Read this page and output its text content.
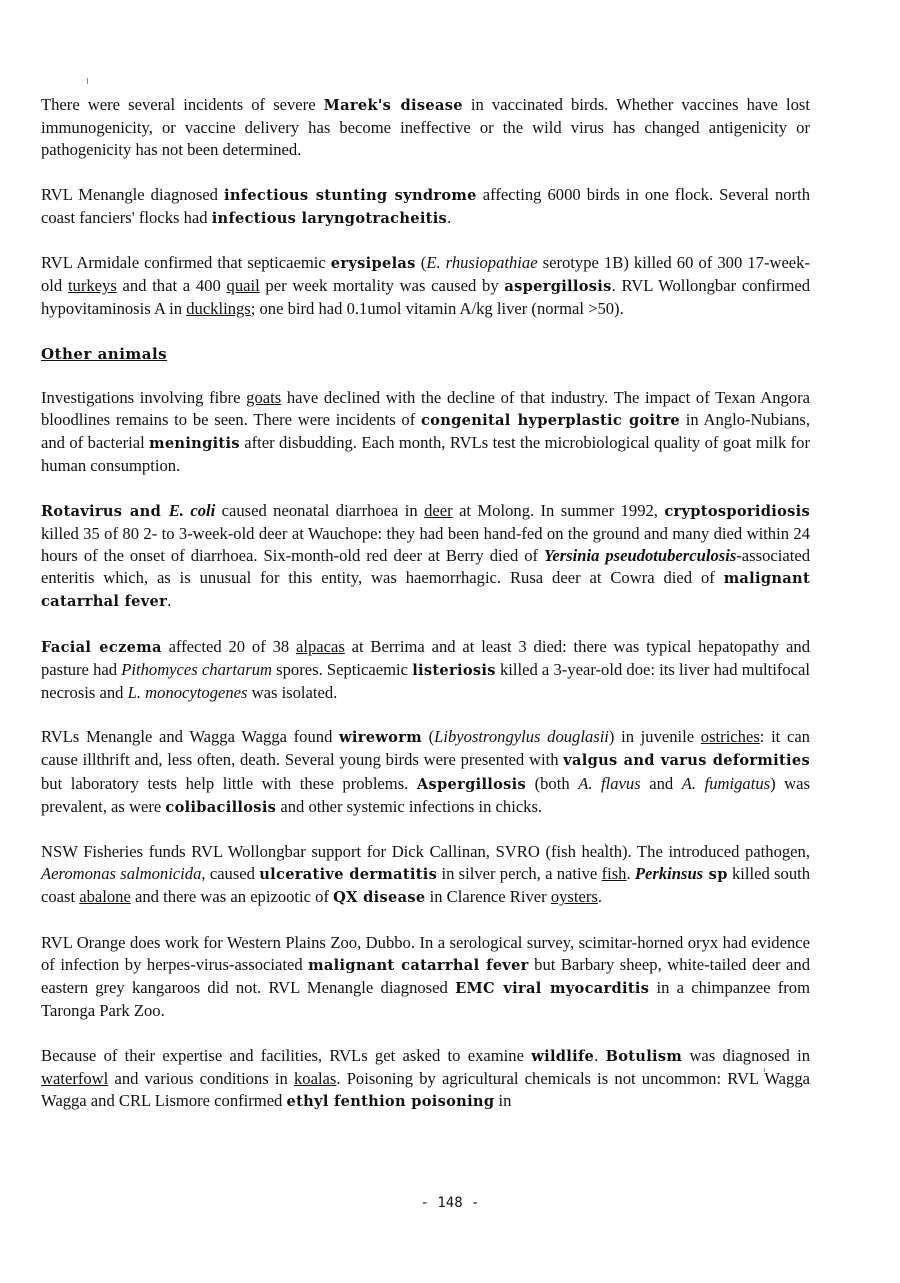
There were several incidents of severe Marek's disease in vaccinated birds. Whether vaccines have lost immunogenicity, or vaccine delivery has become ineffective or the wild virus has changed antigenicity or pathogenicity has not been determined.

RVL Menangle diagnosed infectious stunting syndrome affecting 6000 birds in one flock. Several north coast fanciers' flocks had infectious laryngotracheitis.

RVL Armidale confirmed that septicaemic erysipelas (E. rhusiopathiae serotype 1B) killed 60 of 300 17-week-old turkeys and that a 400 quail per week mortality was caused by aspergillosis. RVL Wollongbar confirmed hypovitaminosis A in ducklings; one bird had 0.1umol vitamin A/kg liver (normal >50).

Other animals

Investigations involving fibre goats have declined with the decline of that industry. The impact of Texan Angora bloodlines remains to be seen. There were incidents of congenital hyperplastic goitre in Anglo-Nubians, and of bacterial meningitis after disbudding. Each month, RVLs test the microbiological quality of goat milk for human consumption.

Rotavirus and E. coli caused neonatal diarrhoea in deer at Molong. In summer 1992, cryptosporidiosis killed 35 of 80 2- to 3-week-old deer at Wauchope: they had been hand-fed on the ground and many died within 24 hours of the onset of diarrhoea. Six-month-old red deer at Berry died of Yersinia pseudotuberculosis-associated enteritis which, as is unusual for this entity, was haemorrhagic. Rusa deer at Cowra died of malignant catarrhal fever.

Facial eczema affected 20 of 38 alpacas at Berrima and at least 3 died: there was typical hepatopathy and pasture had Pithomyces chartarum spores. Septicaemic listeriosis killed a 3-year-old doe: its liver had multifocal necrosis and L. monocytogenes was isolated.

RVLs Menangle and Wagga Wagga found wireworm (Libyostrongylus douglasii) in juvenile ostriches: it can cause illthrift and, less often, death. Several young birds were presented with valgus and varus deformities but laboratory tests help little with these problems. Aspergillosis (both A. flavus and A. fumigatus) was prevalent, as were colibacillosis and other systemic infections in chicks.

NSW Fisheries funds RVL Wollongbar support for Dick Callinan, SVRO (fish health). The introduced pathogen, Aeromonas salmonicida, caused ulcerative dermatitis in silver perch, a native fish. Perkinsus sp killed south coast abalone and there was an epizootic of QX disease in Clarence River oysters.

RVL Orange does work for Western Plains Zoo, Dubbo. In a serological survey, scimitar-horned oryx had evidence of infection by herpes-virus-associated malignant catarrhal fever but Barbary sheep, white-tailed deer and eastern grey kangaroos did not. RVL Menangle diagnosed EMC viral myocarditis in a chimpanzee from Taronga Park Zoo.

Because of their expertise and facilities, RVLs get asked to examine wildlife. Botulism was diagnosed in waterfowl and various conditions in koalas. Poisoning by agricultural chemicals is not uncommon: RVL Wagga Wagga and CRL Lismore confirmed ethyl fenthion poisoning in

- 148 -
